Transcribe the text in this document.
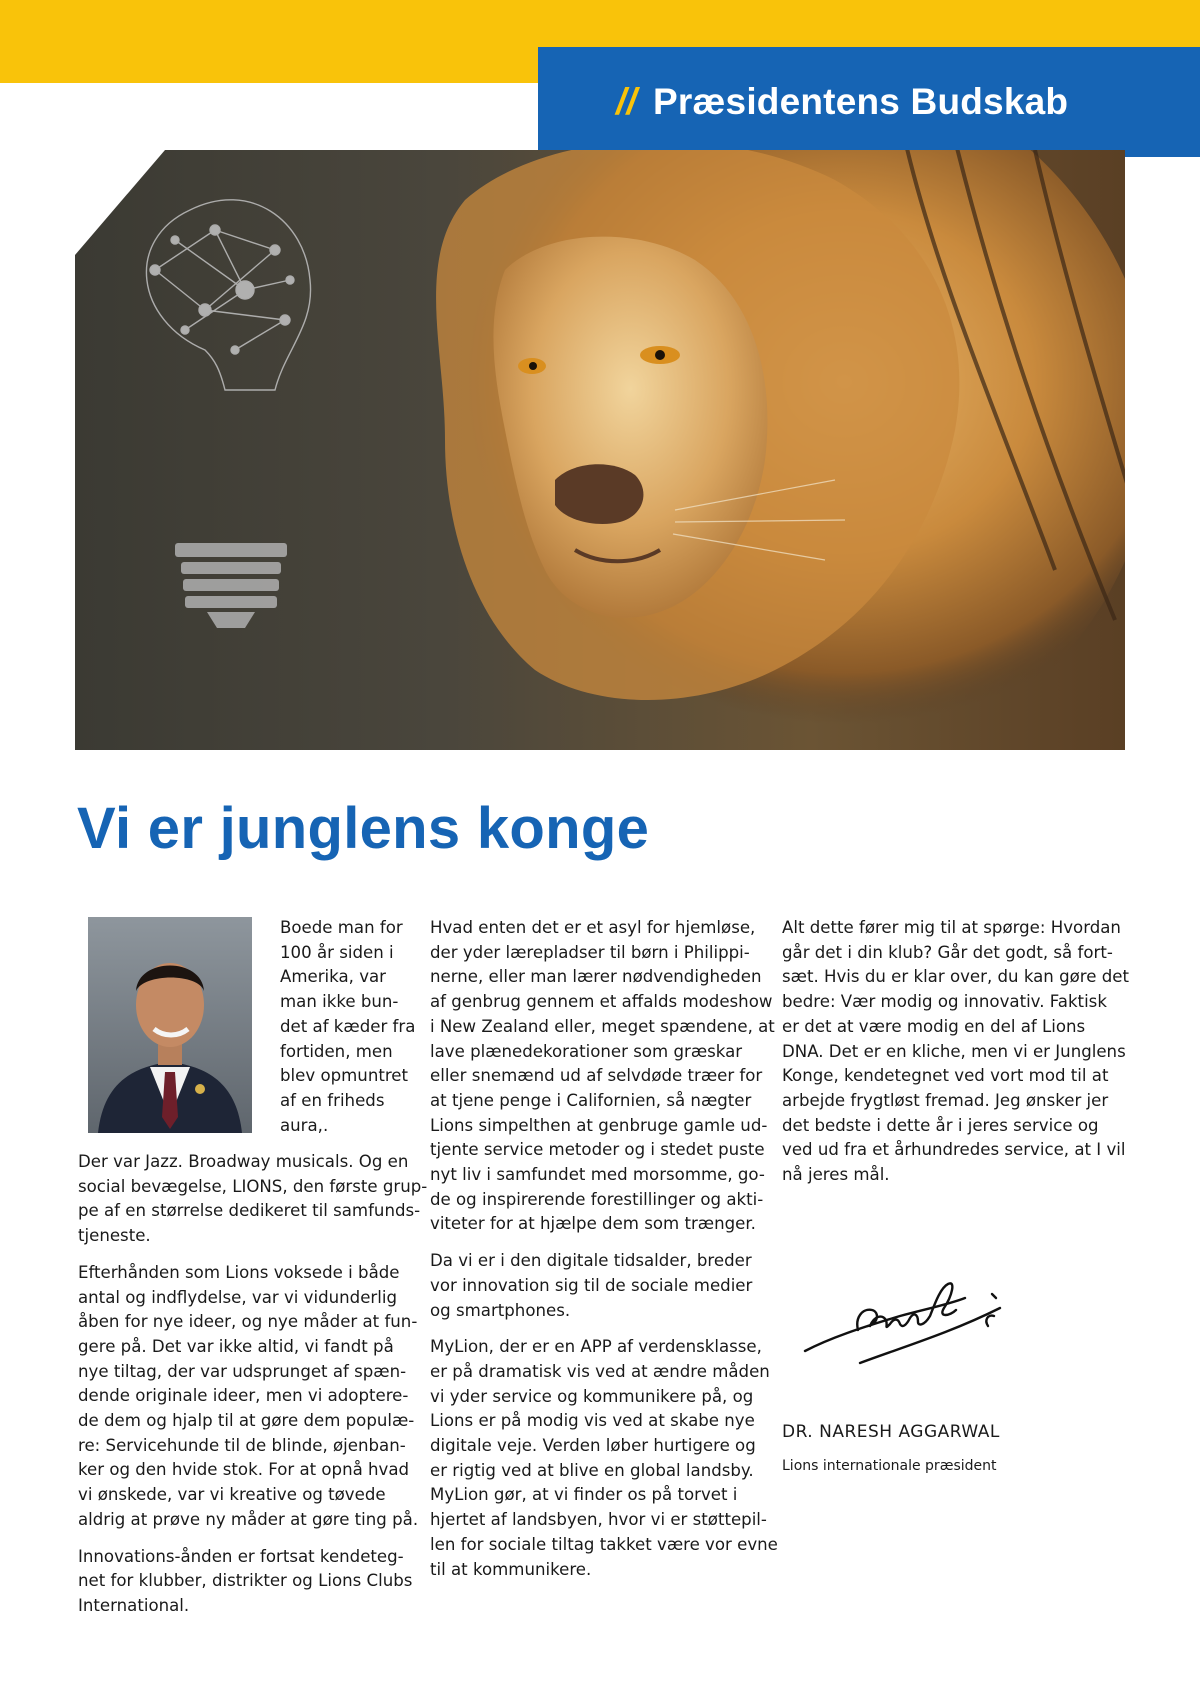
// Præsidentens Budskab
Vi er junglens konge
Boede man for
100 år siden i
Amerika, var
man ikke bun-
det af kæder fra
fortiden, men
blev opmuntret
af en friheds
aura,.

Der var Jazz. Broadway musicals. Og en
social bevægelse, LIONS, den første grup-
pe af en størrelse dedikeret til samfunds-
tjeneste.

Efterhånden som Lions voksede i både
antal og indflydelse, var vi vidunderlig
åben for nye ideer, og nye måder at fun-
gere på. Det var ikke altid, vi fandt på
nye tiltag, der var udsprunget af spæn-
dende originale ideer, men vi adoptere-
de dem og hjalp til at gøre dem populæ-
re: Servicehunde til de blinde, øjenban-
ker og den hvide stok. For at opnå hvad
vi ønskede, var vi kreative og tøvede
aldrig at prøve ny måder at gøre ting på.

Innovations-ånden er fortsat kendeteg-
net for klubber, distrikter og Lions Clubs
International.

Hvad enten det er et asyl for hjemløse,
der yder lærepladser til børn i Philippi-
nerne, eller man lærer nødvendigheden
af genbrug gennem et affalds modeshow
i New Zealand eller, meget spændene, at
lave plænedekorationer som græskar
eller snemænd ud af selvdøde træer for
at tjene penge i Californien, så nægter
Lions simpelthen at genbruge gamle ud-
tjente service metoder og i stedet puste
nyt liv i samfundet med morsomme, go-
de og inspirerende forestillinger og akti-
viteter for at hjælpe dem som trænger.

Da vi er i den digitale tidsalder, breder
vor innovation sig til de sociale medier
og smartphones.

MyLion, der er en APP af verdensklasse,
er på dramatisk vis ved at ændre måden
vi yder service og kommunikere på, og
Lions er på modig vis ved at skabe nye
digitale veje. Verden løber hurtigere og
er rigtig ved at blive en global landsby.
MyLion gør, at vi finder os på torvet i
hjertet af landsbyen, hvor vi er støttepil-
len for sociale tiltag takket være vor evne
til at kommunikere.

Alt dette fører mig til at spørge: Hvordan
går det i din klub? Går det godt, så fort-
sæt. Hvis du er klar over, du kan gøre det
bedre: Vær modig og innovativ. Faktisk
er det at være modig en del af Lions
DNA. Det er en kliche, men vi er Junglens
Konge, kendetegnet ved vort mod til at
arbejde frygtløst fremad. Jeg ønsker jer
det bedste i dette år i jeres service og
ved ud fra et århundredes service, at I vil
nå jeres mål.

DR. NARESH AGGARWAL
Lions internationale præsident
